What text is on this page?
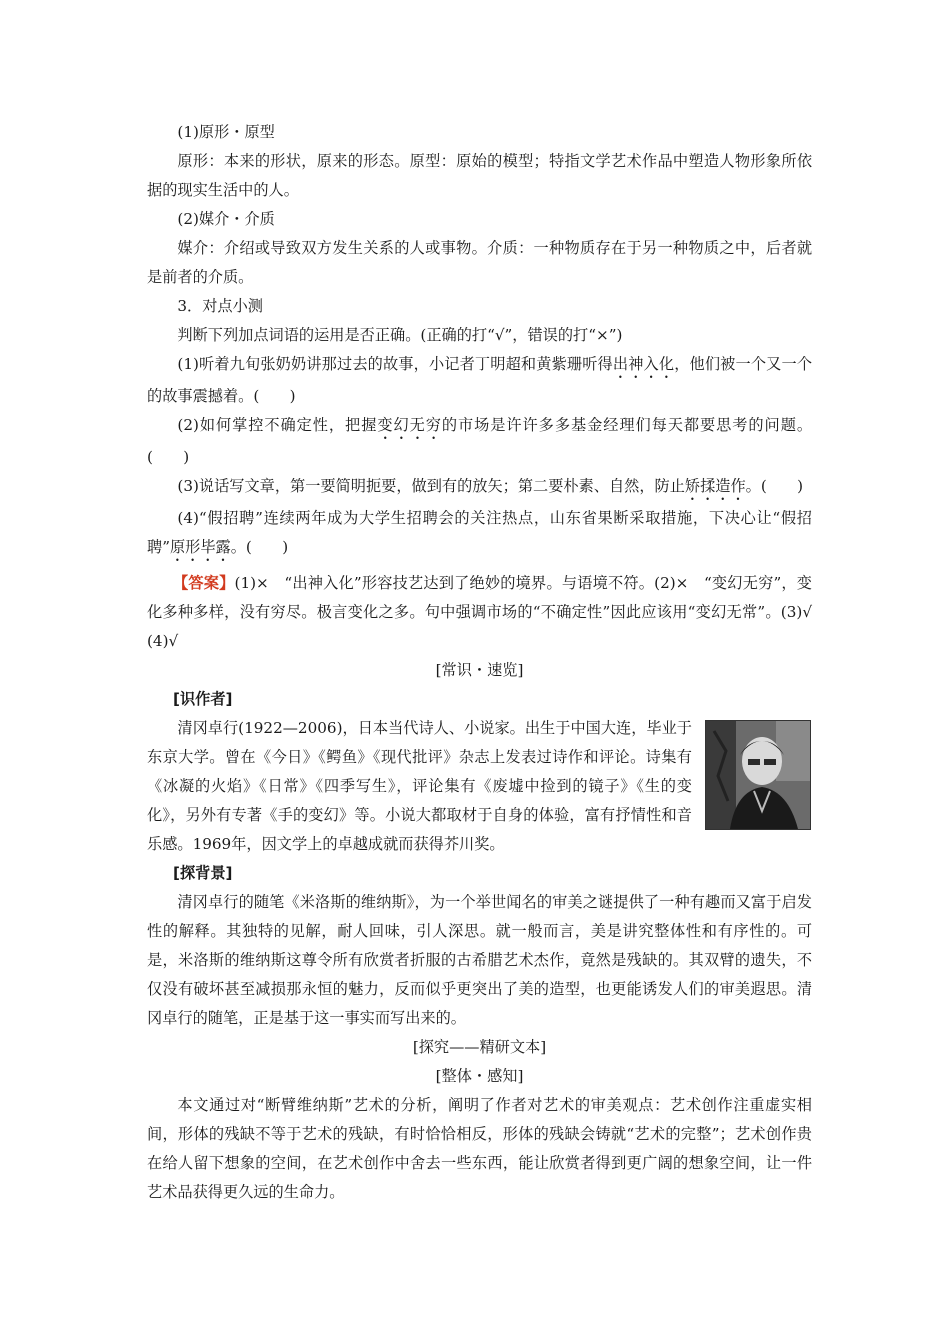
(1)原形・原型

原形：本来的形状，原来的形态。原型：原始的模型；特指文学艺术作品中塑造人物形象所依据的现实生活中的人。

(2)媒介・介质

媒介：介绍或导致双方发生关系的人或事物。介质：一种物质存在于另一种物质之中，后者就是前者的介质。

3．对点小测

判断下列加点词语的运用是否正确。(正确的打“√”，错误的打“×”)

(1)听着九旬张奶奶讲那过去的故事，小记者丁明超和黄紫珊听得出神入化，他们被一个又一个的故事震撼着。(　　)

(2)如何掌控不确定性，把握变幻无穷的市场是许许多多基金经理们每天都要思考的问题。(　　)

(3)说话写文章，第一要简明扼要，做到有的放矢；第二要朴素、自然，防止矫揉造作。(　　)

(4)“假招聘”连续两年成为大学生招聘会的关注热点，山东省果断采取措施，下决心让“假招聘”原形毕露。(　　)

【答案】(1)×　“出神入化”形容技艺达到了绝妙的境界。与语境不符。(2)×　“变幻无穷”，变化多种多样，没有穷尽。极言变化之多。句中强调市场的“不确定性”因此应该用“变幻无常”。(3)√　(4)√

[常识・速览]

[识作者]

清冈卓行(1922—2006)，日本当代诗人、小说家。出生于中国大连，毕业于东京大学。曾在《今日》《鳄鱼》《现代批评》杂志上发表过诗作和评论。诗集有《冰凝的火焰》《日常》《四季写生》，评论集有《废墟中捡到的镜子》《生的变化》，另外有专著《手的变幻》等。小说大都取材于自身的体验，富有抒情性和音乐感。1969年，因文学上的卓越成就而获得芥川奖。

[探背景]

清冈卓行的随笔《米洛斯的维纳斯》，为一个举世闻名的审美之谜提供了一种有趣而又富于启发性的解释。其独特的见解，耐人回味，引人深思。就一般而言，美是讲究整体性和有序性的。可是，米洛斯的维纳斯这尊令所有欣赏者折服的古希腊艺术杰作，竟然是残缺的。其双臂的遗失，不仅没有破坏甚至减损那永恒的魅力，反而似乎更突出了美的造型，也更能诱发人们的审美遐思。清冈卓行的随笔，正是基于这一事实而写出来的。

[探究——精研文本]

[整体・感知]

本文通过对“断臂维纳斯”艺术的分析，阐明了作者对艺术的审美观点：艺术创作注重虚实相间，形体的残缺不等于艺术的残缺，有时恰恰相反，形体的残缺会铸就“艺术的完整”；艺术创作贵在给人留下想象的空间，在艺术创作中舍去一些东西，能让欣赏者得到更广阔的想象空间，让一件艺术品获得更久远的生命力。
